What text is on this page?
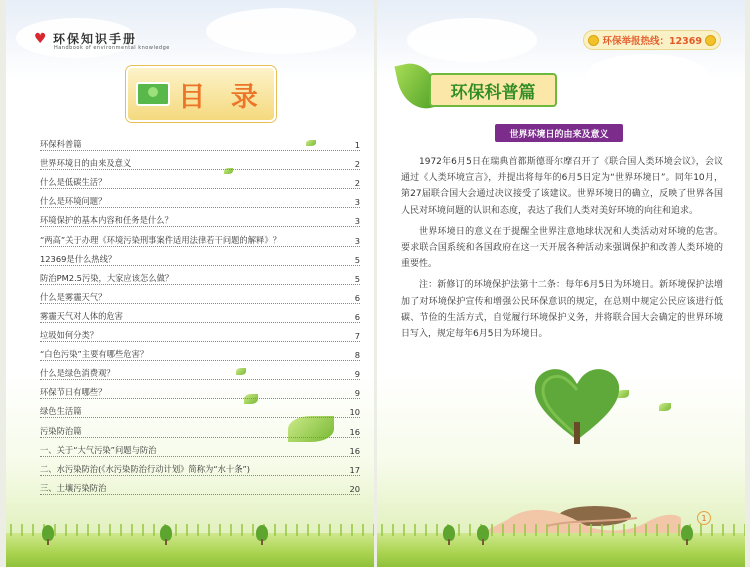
♥ 环保知识手册
Handbook of environmental knowledge
目 录
环保科普篇	1
世界环境日的由来及意义	2
什么是低碳生活？	2
什么是环境问题？	3
环境保护的基本内容和任务是什么？	3
“两高”关于办理《环境污染刑事案件适用法律若干问题的解释》？	3
12369是什么热线？	5
防治PM2.5污染，大家应该怎么做？	5
什么是雾霾天气？	6
雾霾天气对人体的危害	6
垃圾如何分类？	7
“白色污染”主要有哪些危害？	8
什么是绿色消费观？	9
环保节日有哪些？	9
绿色生活篇	10
污染防治篇	16
一、关于“大气污染”问题与防治	16
二、水污染防治(《水污染防治行动计划》简称为“水十条”)	17
三、土壤污染防治	20
环保举报热线：12369
环保科普篇
世界环境日的由来及意义

1972年6月5日在瑞典首都斯德哥尔摩召开了《联合国人类环境会议》，会议通过《人类环境宣言》，并提出将每年的6月5日定为“世界环境日”。同年10月，第27届联合国大会通过决议接受了该建议。世界环境日的确立，反映了世界各国人民对环境问题的认识和态度，表达了我们人类对美好环境的向往和追求。

世界环境日的意义在于提醒全世界注意地球状况和人类活动对环境的危害。要求联合国系统和各国政府在这一天开展各种活动来强调保护和改善人类环境的重要性。

注：新修订的环境保护法第十二条：每年6月5日为环境日。新环境保护法增加了对环境保护宣传和增强公民环保意识的规定，在总则中规定公民应该进行低碳、节俭的生活方式，自觉履行环境保护义务，并将联合国大会确定的世界环境日写入，规定每年6月5日为环境日。

1
